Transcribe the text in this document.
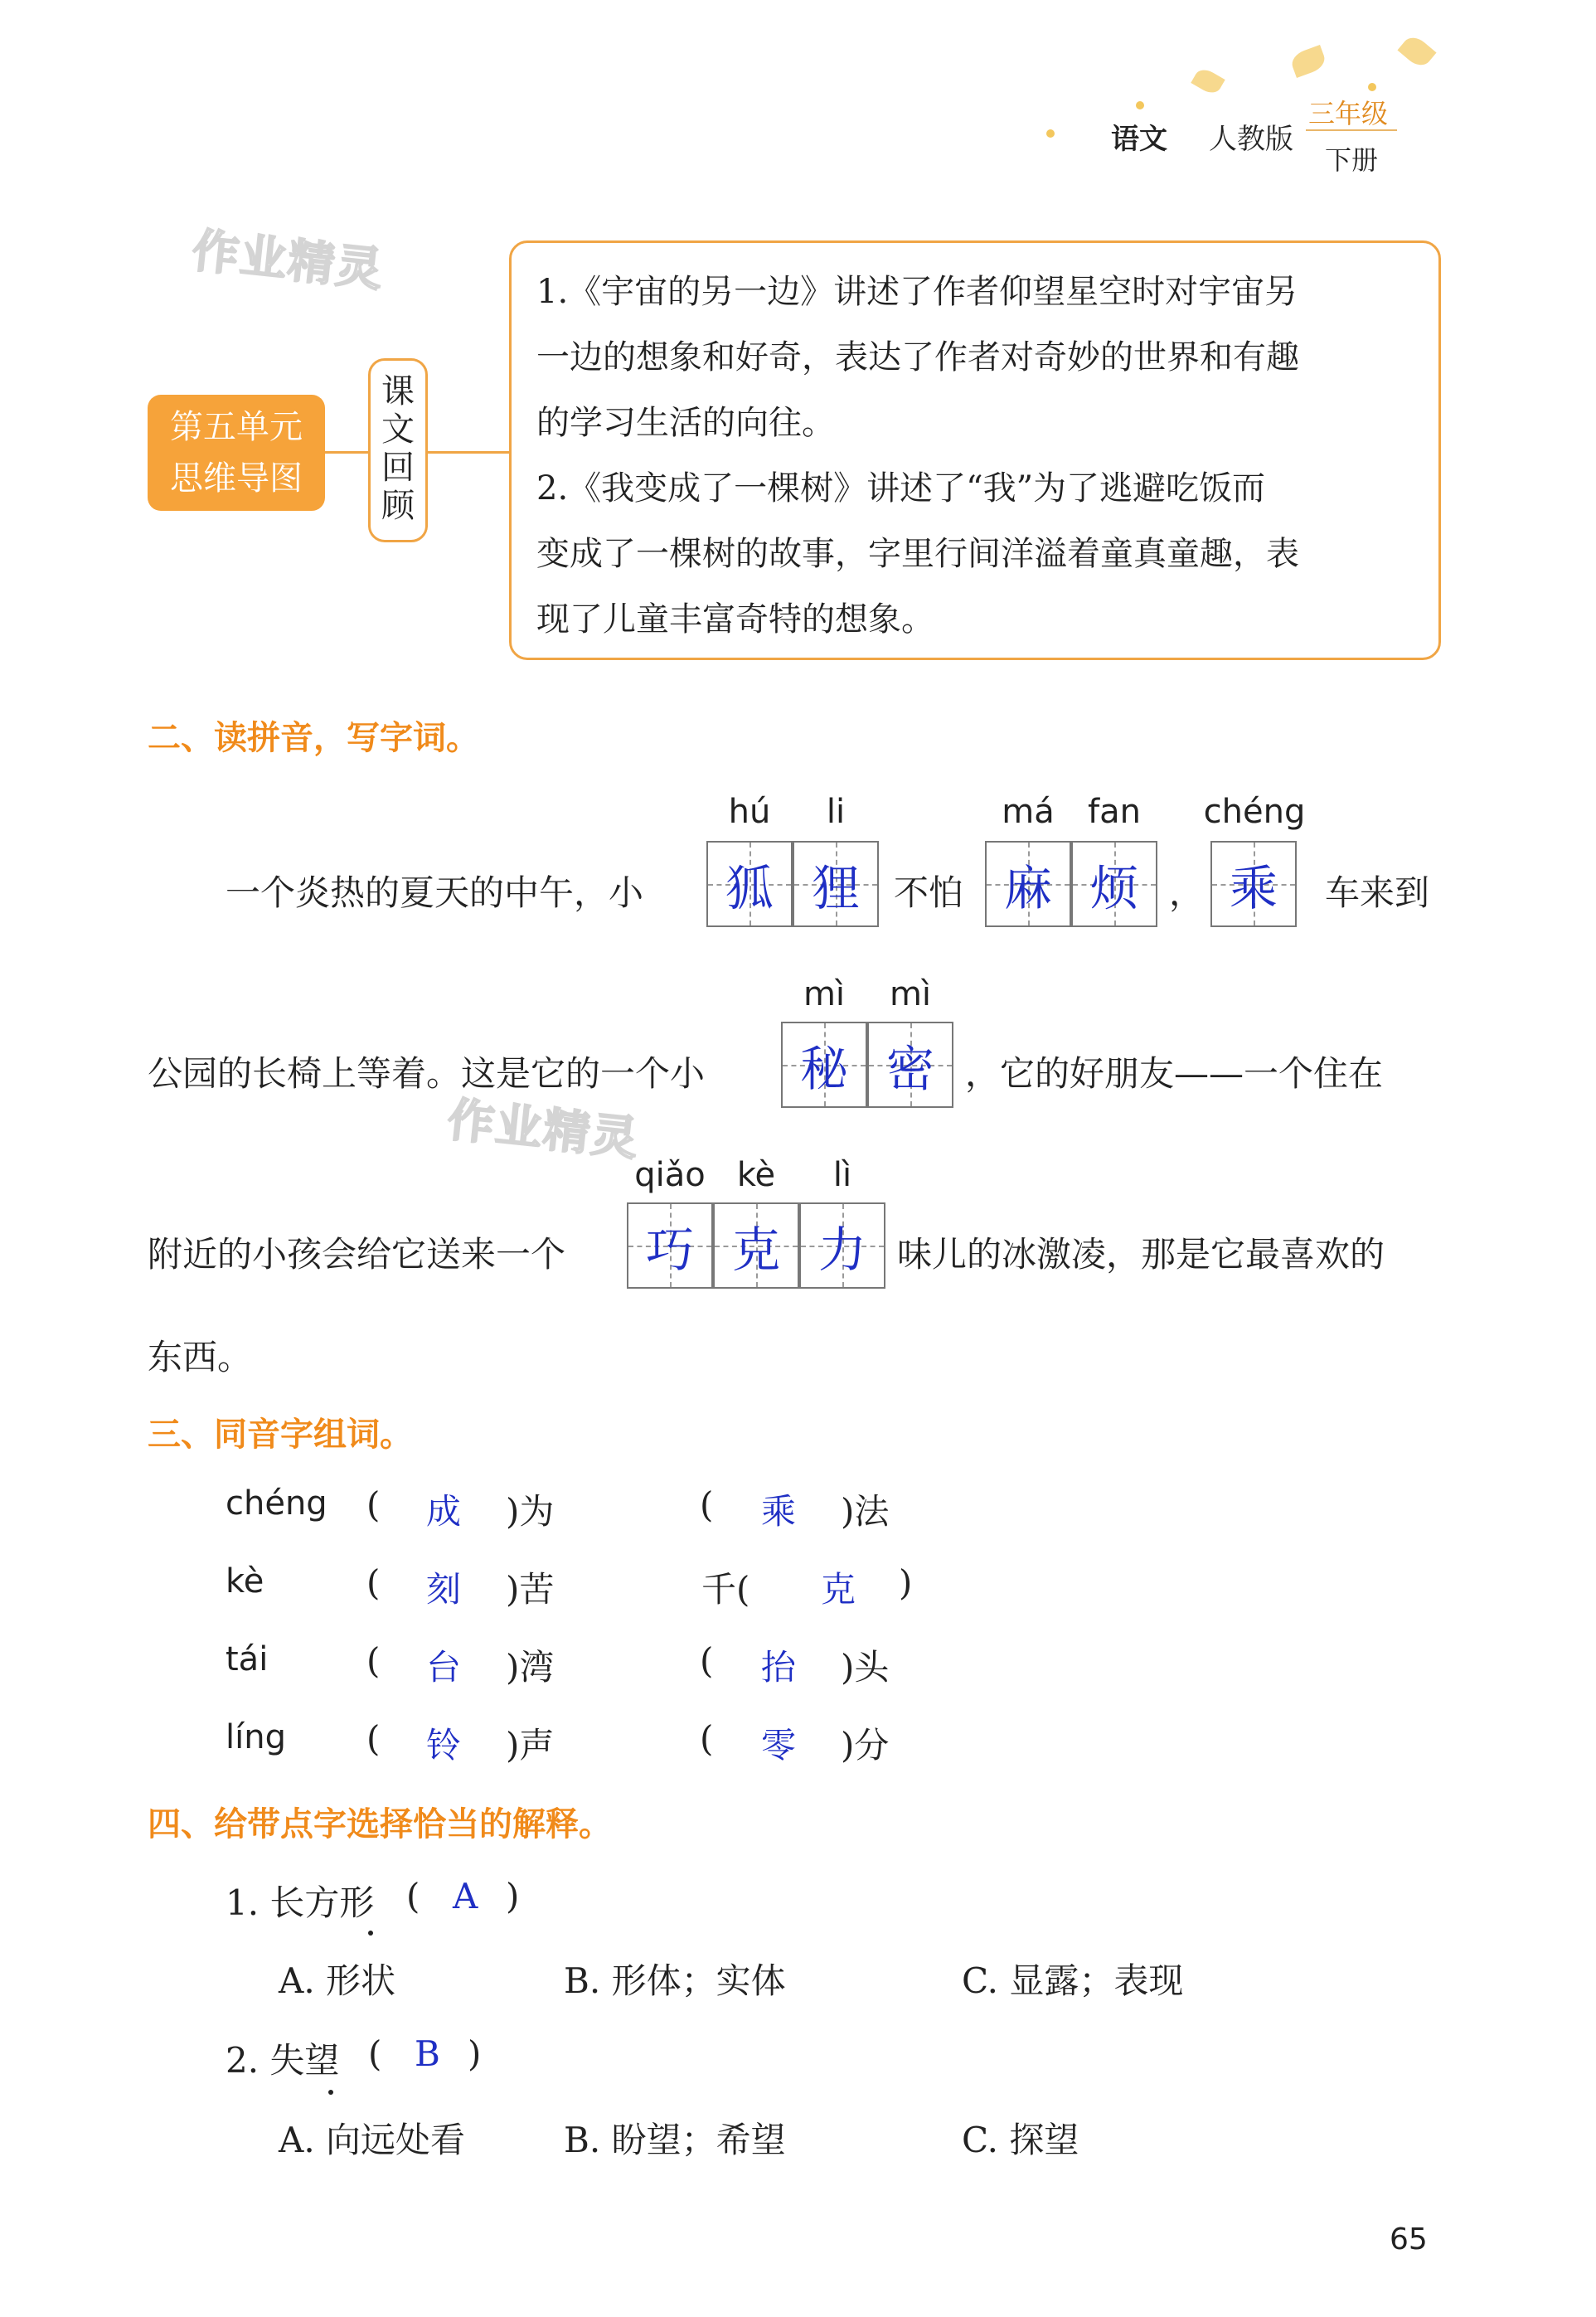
语文 人教版
三年级
下册
作业精灵
作业精灵
第五单元
思维导图
课
文
回
顾
1.《宇宙的另一边》讲述了作者仰望星空时对宇宙另
一边的想象和好奇，表达了作者对奇妙的世界和有趣
的学习生活的向往。
2.《我变成了一棵树》讲述了“我”为了逃避吃饭而
变成了一棵树的故事，字里行间洋溢着童真童趣，表
现了儿童丰富奇特的想象。
二、读拼音，写字词。
一个炎热的夏天的中午，小
hú	li
狐 狸 不怕
má	fan
麻 烦 ，
chéng
乘	车来到
公园的长椅上等着。这是它的一个小
mì	mì
秘 密 ，它的好朋友——一个住在
附近的小孩会给它送来一个
qiǎo kè	lì
巧 克 力 味儿的冰激凌，那是它最喜欢的
东西。
三、同音字组词。
chéng ( 成 )为	( 乘 )法
kè	( 刻 )苦	千( 克 )
tái	( 台 )湾	( 抬 )头
líng ( 铃 )声	( 零 )分
四、给带点字选择恰当的解释。
1. 长方形 ( A )
A. 形状	B. 形体；实体	C. 显露；表现
2. 失望 ( B )
A. 向远处看	B. 盼望；希望	C. 探望
65
